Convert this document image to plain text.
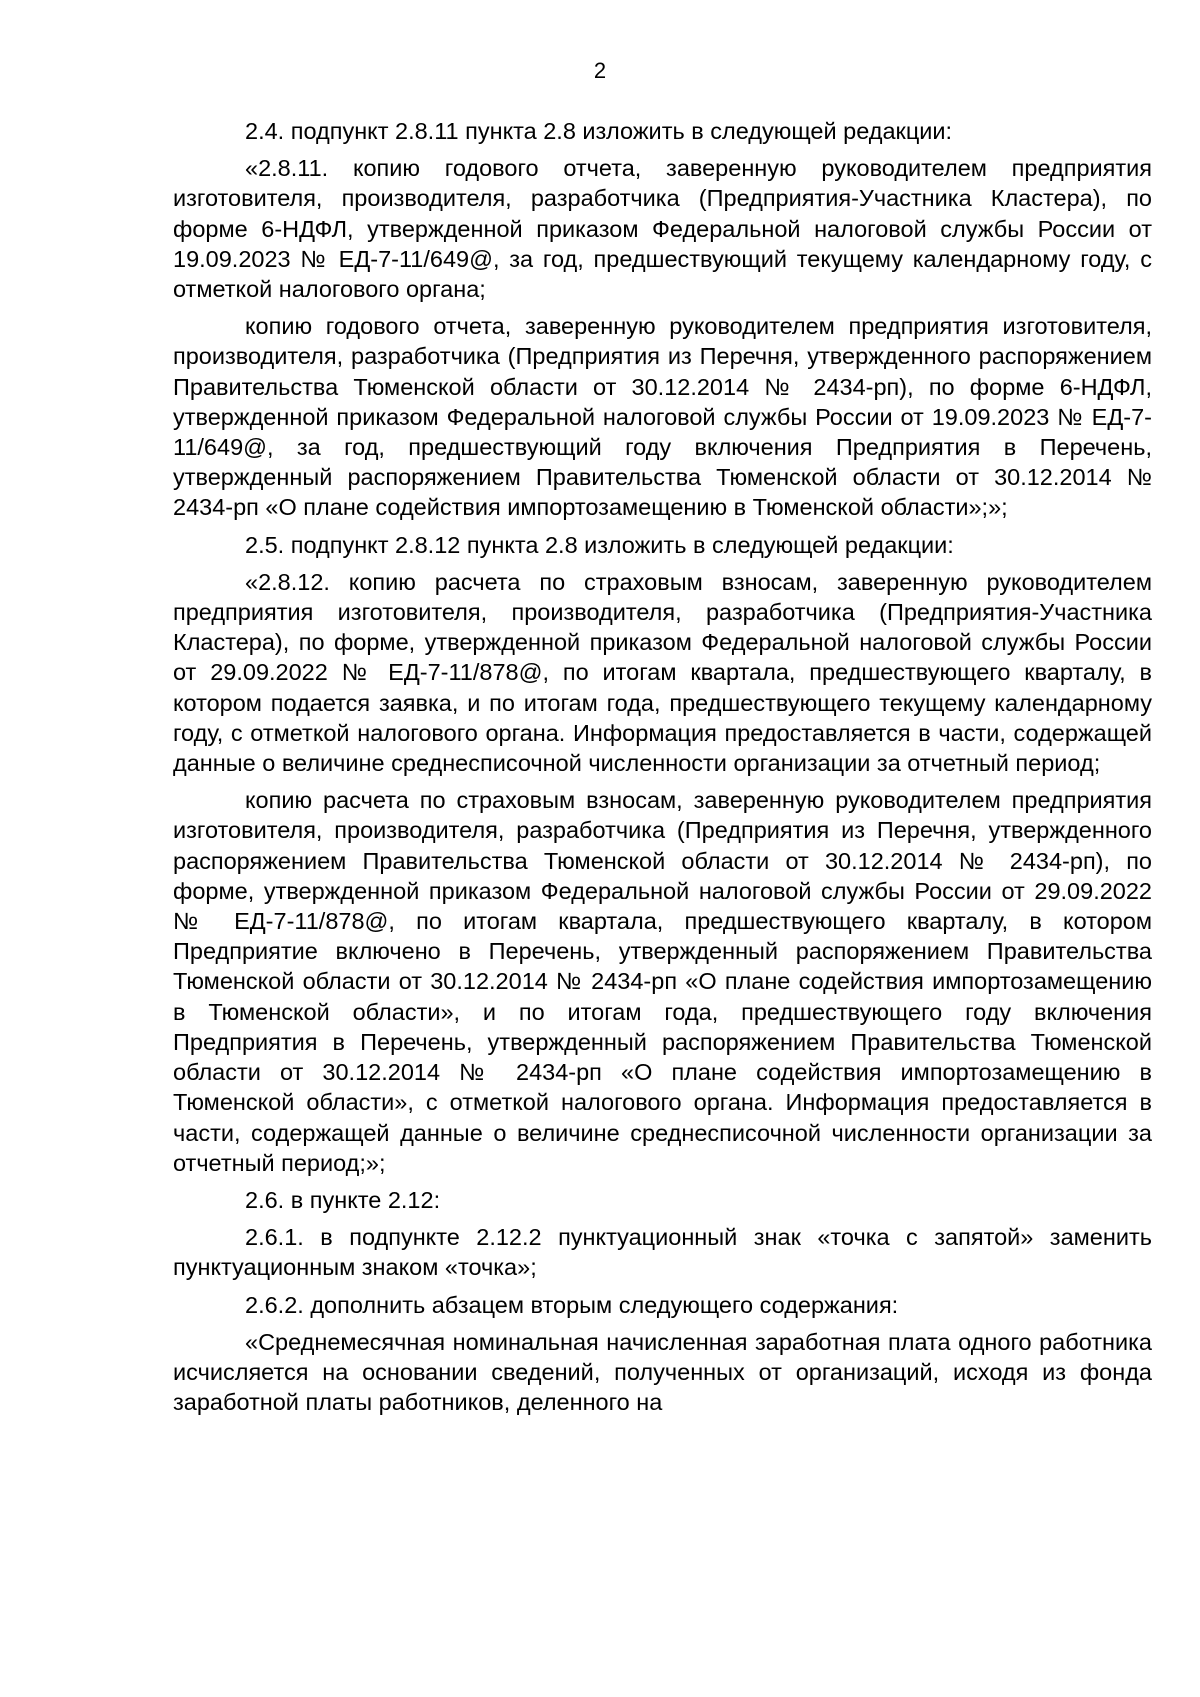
2

2.4. подпункт 2.8.11 пункта 2.8 изложить в следующей редакции:

«2.8.11. копию годового отчета, заверенную руководителем предприятия изготовителя, производителя, разработчика (Предприятия-Участника Кластера), по форме 6-НДФЛ, утвержденной приказом Федеральной налоговой службы России от 19.09.2023 № ЕД-7-11/649@, за год, предшествующий текущему календарному году, с отметкой налогового органа;

копию годового отчета, заверенную руководителем предприятия изготовителя, производителя, разработчика (Предприятия из Перечня, утвержденного распоряжением Правительства Тюменской области от 30.12.2014 № 2434-рп), по форме 6-НДФЛ, утвержденной приказом Федеральной налоговой службы России от 19.09.2023 № ЕД-7-11/649@, за год, предшествующий году включения Предприятия в Перечень, утвержденный распоряжением Правительства Тюменской области от 30.12.2014 № 2434-рп «О плане содействия импортозамещению в Тюменской области»;»;

2.5. подпункт 2.8.12 пункта 2.8 изложить в следующей редакции:

«2.8.12. копию расчета по страховым взносам, заверенную руководителем предприятия изготовителя, производителя, разработчика (Предприятия-Участника Кластера), по форме, утвержденной приказом Федеральной налоговой службы России от 29.09.2022 № ЕД-7-11/878@, по итогам квартала, предшествующего кварталу, в котором подается заявка, и по итогам года, предшествующего текущему календарному году, с отметкой налогового органа. Информация предоставляется в части, содержащей данные о величине среднесписочной численности организации за отчетный период;

копию расчета по страховым взносам, заверенную руководителем предприятия изготовителя, производителя, разработчика (Предприятия из Перечня, утвержденного распоряжением Правительства Тюменской области от 30.12.2014 № 2434-рп), по форме, утвержденной приказом Федеральной налоговой службы России от 29.09.2022 № ЕД-7-11/878@, по итогам квартала, предшествующего кварталу, в котором Предприятие включено в Перечень, утвержденный распоряжением Правительства Тюменской области от 30.12.2014 № 2434-рп «О плане содействия импортозамещению в Тюменской области», и по итогам года, предшествующего году включения Предприятия в Перечень, утвержденный распоряжением Правительства Тюменской области от 30.12.2014 № 2434-рп «О плане содействия импортозамещению в Тюменской области», с отметкой налогового органа. Информация предоставляется в части, содержащей данные о величине среднесписочной численности организации за отчетный период;»;

2.6. в пункте 2.12:

2.6.1. в подпункте 2.12.2 пунктуационный знак «точка с запятой» заменить пунктуационным знаком «точка»;

2.6.2. дополнить абзацем вторым следующего содержания:

«Среднемесячная номинальная начисленная заработная плата одного работника исчисляется на основании сведений, полученных от организаций, исходя из фонда заработной платы работников, деленного на
